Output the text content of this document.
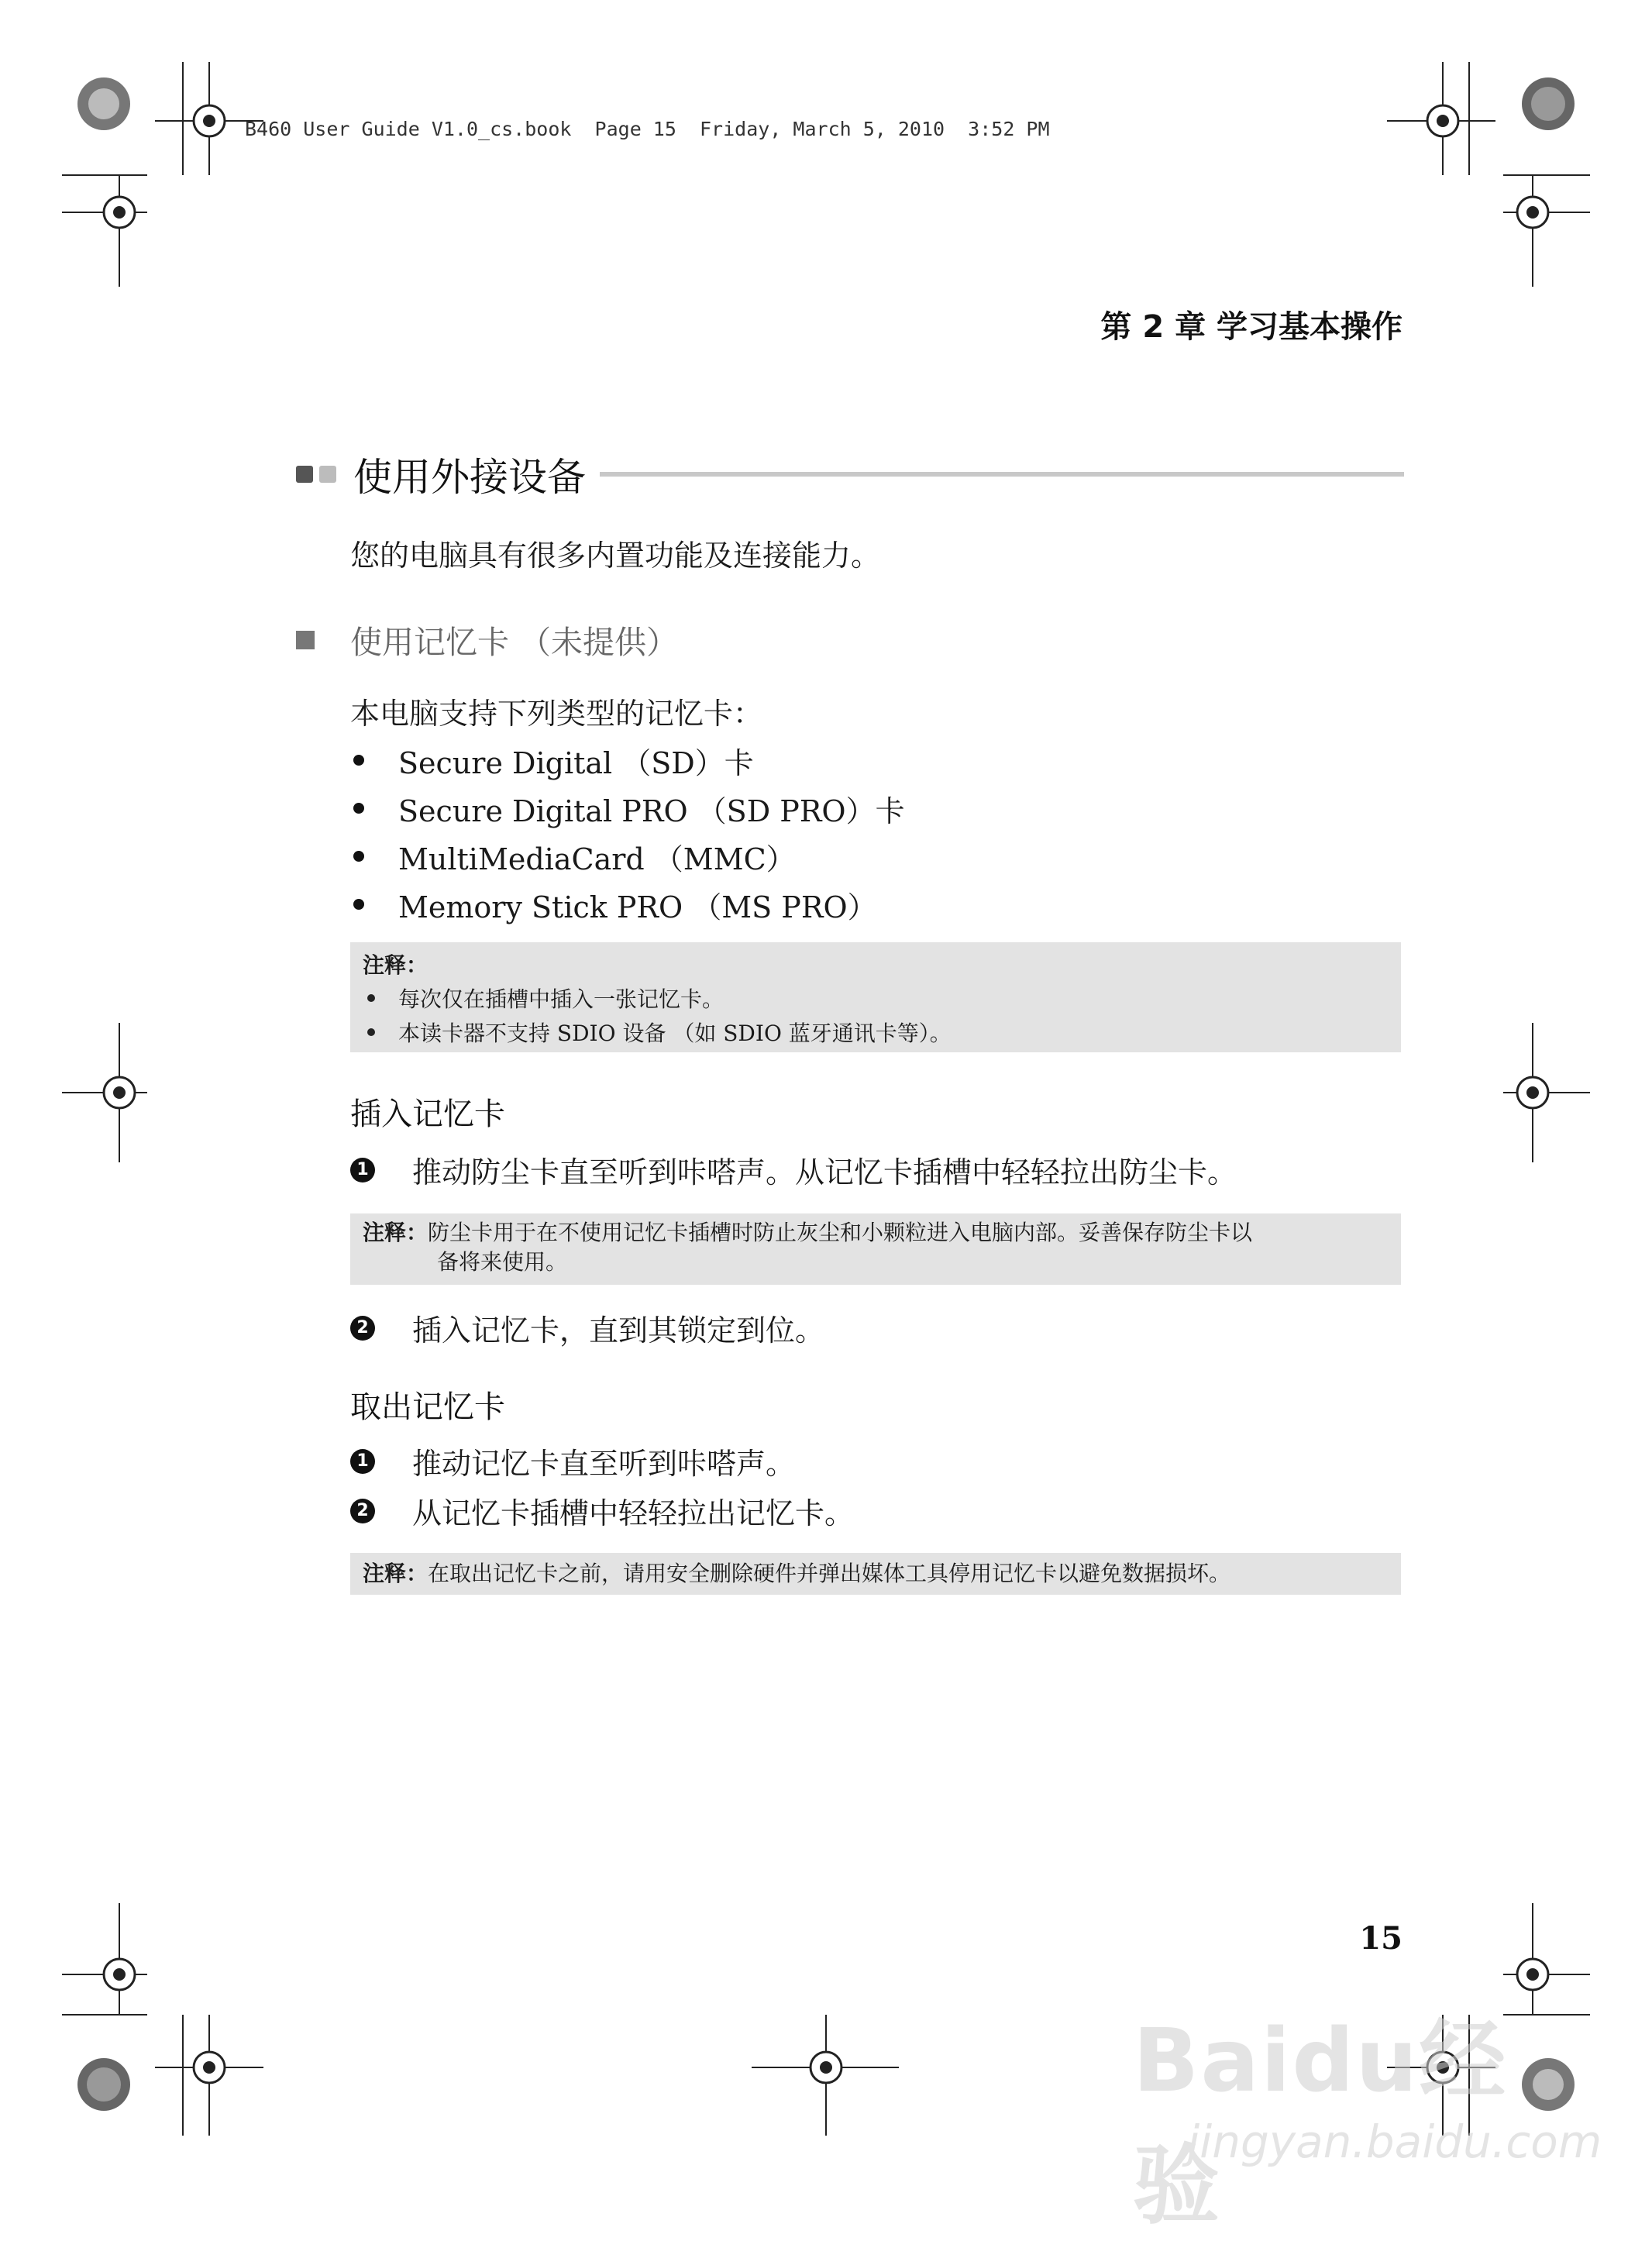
B460 User Guide V1.0_cs.book  Page 15  Friday, March 5, 2010  3:52 PM
第 2 章 学习基本操作
使用外接设备
您的电脑具有很多内置功能及连接能力。
使用记忆卡 （未提供）
本电脑支持下列类型的记忆卡：
Secure Digital （SD）卡
Secure Digital PRO （SD PRO）卡
MultiMediaCard （MMC）
Memory Stick PRO （MS PRO）
注释：
每次仅在插槽中插入一张记忆卡。
本读卡器不支持 SDIO 设备 （如 SDIO 蓝牙通讯卡等）。
插入记忆卡
1 推动防尘卡直至听到咔嗒声。从记忆卡插槽中轻轻拉出防尘卡。
注释：防尘卡用于在不使用记忆卡插槽时防止灰尘和小颗粒进入电脑内部。妥善保存防尘卡以
备将来使用。
2 插入记忆卡，直到其锁定到位。
取出记忆卡
1 推动记忆卡直至听到咔嗒声。
2 从记忆卡插槽中轻轻拉出记忆卡。
注释：在取出记忆卡之前，请用安全删除硬件并弹出媒体工具停用记忆卡以避免数据损坏。
15
Baidu经验
jingyan.baidu.com
